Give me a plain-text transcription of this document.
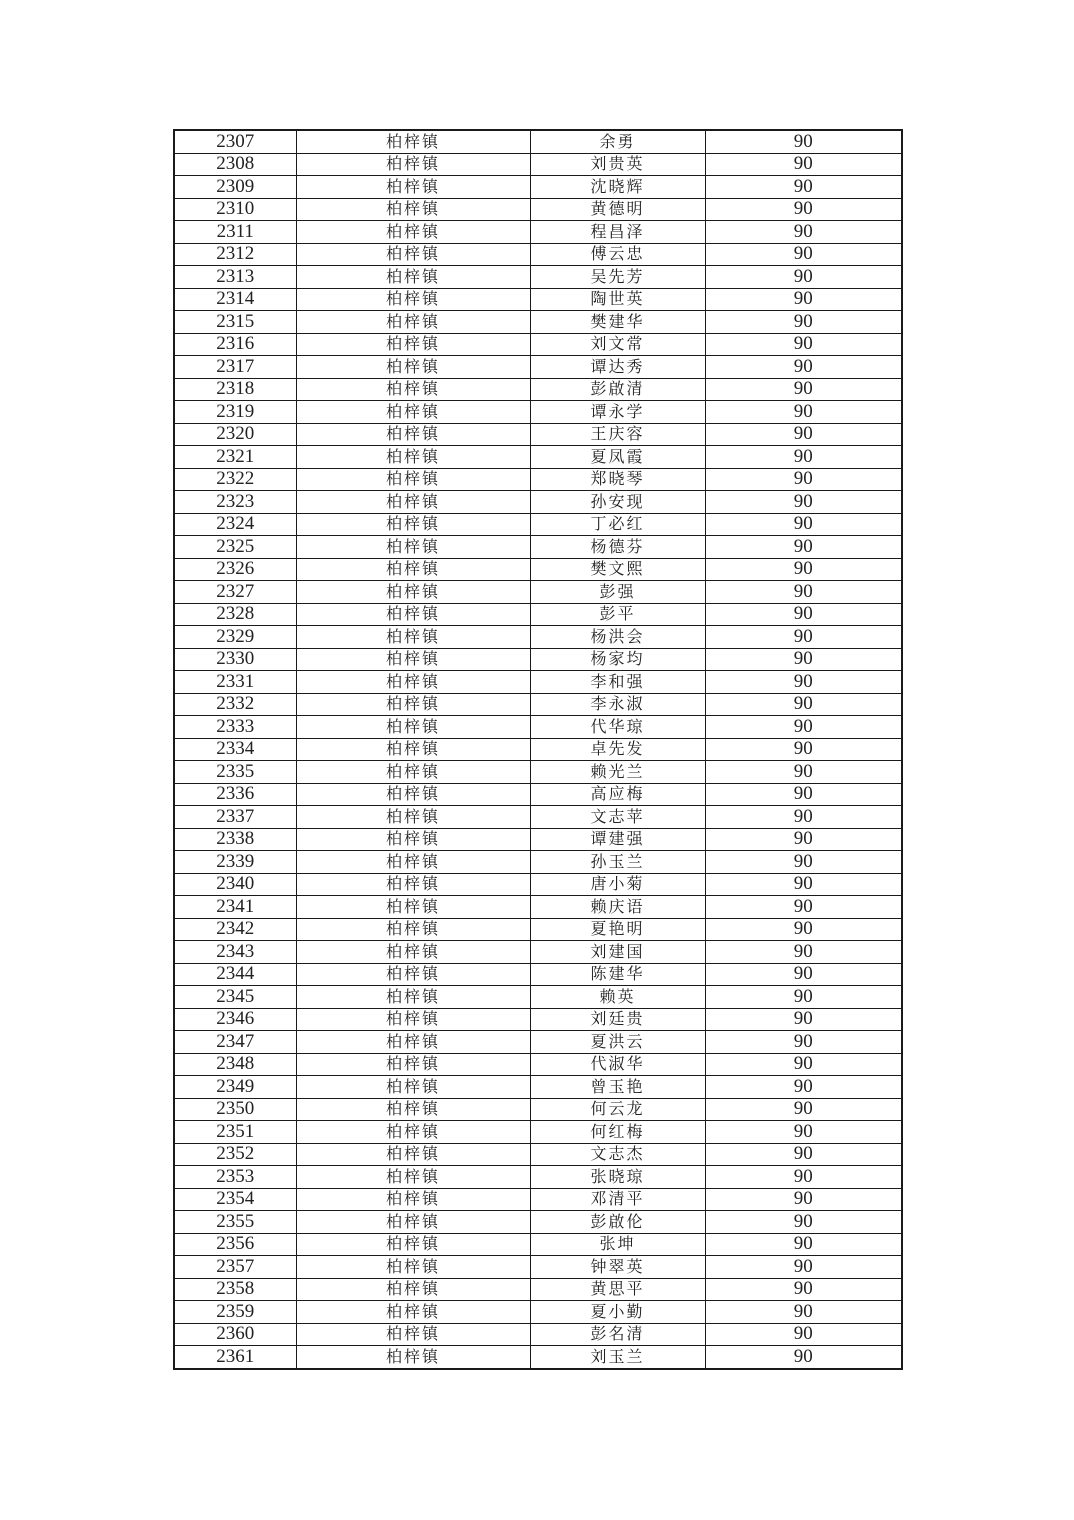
2307	柏梓镇	余勇	90
2308	柏梓镇	刘贵英	90
2309	柏梓镇	沈晓辉	90
2310	柏梓镇	黄德明	90
2311	柏梓镇	程昌泽	90
2312	柏梓镇	傅云忠	90
2313	柏梓镇	吴先芳	90
2314	柏梓镇	陶世英	90
2315	柏梓镇	樊建华	90
2316	柏梓镇	刘文常	90
2317	柏梓镇	谭达秀	90
2318	柏梓镇	彭啟清	90
2319	柏梓镇	谭永学	90
2320	柏梓镇	王庆容	90
2321	柏梓镇	夏凤霞	90
2322	柏梓镇	郑晓琴	90
2323	柏梓镇	孙安现	90
2324	柏梓镇	丁必红	90
2325	柏梓镇	杨德芬	90
2326	柏梓镇	樊文熙	90
2327	柏梓镇	彭强	90
2328	柏梓镇	彭平	90
2329	柏梓镇	杨洪会	90
2330	柏梓镇	杨家均	90
2331	柏梓镇	李和强	90
2332	柏梓镇	李永淑	90
2333	柏梓镇	代华琼	90
2334	柏梓镇	卓先发	90
2335	柏梓镇	赖光兰	90
2336	柏梓镇	高应梅	90
2337	柏梓镇	文志苹	90
2338	柏梓镇	谭建强	90
2339	柏梓镇	孙玉兰	90
2340	柏梓镇	唐小菊	90
2341	柏梓镇	赖庆语	90
2342	柏梓镇	夏艳明	90
2343	柏梓镇	刘建国	90
2344	柏梓镇	陈建华	90
2345	柏梓镇	赖英	90
2346	柏梓镇	刘廷贵	90
2347	柏梓镇	夏洪云	90
2348	柏梓镇	代淑华	90
2349	柏梓镇	曾玉艳	90
2350	柏梓镇	何云龙	90
2351	柏梓镇	何红梅	90
2352	柏梓镇	文志杰	90
2353	柏梓镇	张晓琼	90
2354	柏梓镇	邓清平	90
2355	柏梓镇	彭啟伦	90
2356	柏梓镇	张坤	90
2357	柏梓镇	钟翠英	90
2358	柏梓镇	黄思平	90
2359	柏梓镇	夏小勤	90
2360	柏梓镇	彭名清	90
2361	柏梓镇	刘玉兰	90
